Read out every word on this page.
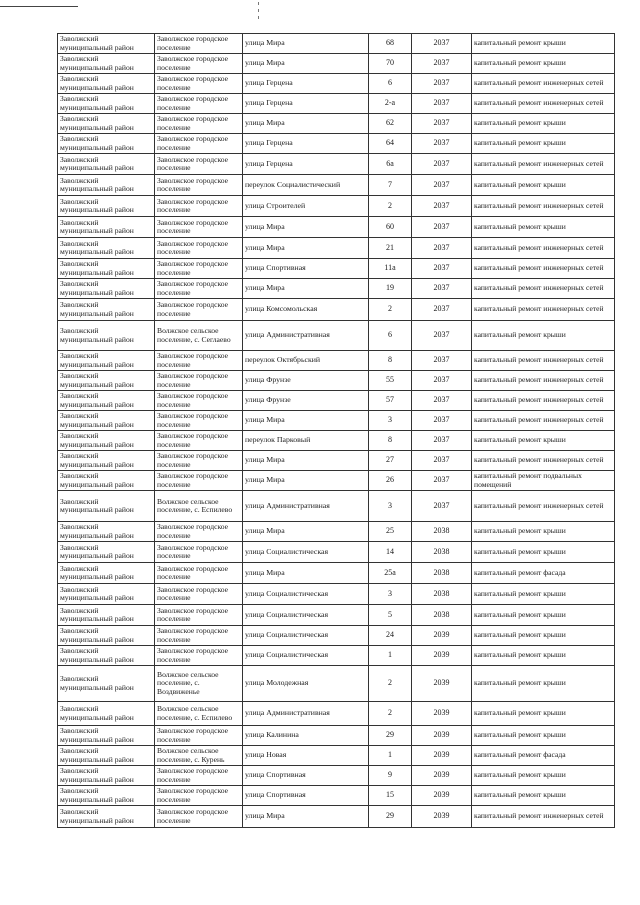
Заволжский муниципальный район	Заволжское городское поселение	улица Мира	68	2037	капитальный ремонт крыши
Заволжский муниципальный район	Заволжское городское поселение	улица Мира	70	2037	капитальный ремонт крыши
Заволжский муниципальный район	Заволжское городское поселение	улица Герцена	6	2037	капитальный ремонт инженерных сетей
Заволжский муниципальный район	Заволжское городское поселение	улица Герцена	2-а	2037	капитальный ремонт инженерных сетей
Заволжский муниципальный район	Заволжское городское поселение	улица Мира	62	2037	капитальный ремонт крыши
Заволжский муниципальный район	Заволжское городское поселение	улица Герцена	64	2037	капитальный ремонт крыши
Заволжский муниципальный район	Заволжское городское поселение	улица Герцена	6а	2037	капитальный ремонт инженерных сетей
Заволжский муниципальный район	Заволжское городское поселение	переулок Социалистический	7	2037	капитальный ремонт крыши
Заволжский муниципальный район	Заволжское городское поселение	улица Строителей	2	2037	капитальный ремонт инженерных сетей
Заволжский муниципальный район	Заволжское городское поселение	улица Мира	60	2037	капитальный ремонт крыши
Заволжский муниципальный район	Заволжское городское поселение	улица Мира	21	2037	капитальный ремонт инженерных сетей
Заволжский муниципальный район	Заволжское городское поселение	улица Спортивная	11а	2037	капитальный ремонт инженерных сетей
Заволжский муниципальный район	Заволжское городское поселение	улица Мира	19	2037	капитальный ремонт инженерных сетей
Заволжский муниципальный район	Заволжское городское поселение	улица Комсомольская	2	2037	капитальный ремонт инженерных сетей
Заволжский муниципальный район	Волжское сельское поселение, с. Сеглаево	улица Административная	6	2037	капитальный ремонт крыши
Заволжский муниципальный район	Заволжское городское поселение	переулок Октябрьский	8	2037	капитальный ремонт инженерных сетей
Заволжский муниципальный район	Заволжское городское поселение	улица Фрунзе	55	2037	капитальный ремонт инженерных сетей
Заволжский муниципальный район	Заволжское городское поселение	улица Фрунзе	57	2037	капитальный ремонт инженерных сетей
Заволжский муниципальный район	Заволжское городское поселение	улица Мира	3	2037	капитальный ремонт инженерных сетей
Заволжский муниципальный район	Заволжское городское поселение	переулок Парковый	8	2037	капитальный ремонт крыши
Заволжский муниципальный район	Заволжское городское поселение	улица Мира	27	2037	капитальный ремонт инженерных сетей
Заволжский муниципальный район	Заволжское городское поселение	улица Мира	26	2037	капитальный ремонт подвальных помещений
Заволжский муниципальный район	Волжское сельское поселение, с. Еспилево	улица Административная	3	2037	капитальный ремонт инженерных сетей
Заволжский муниципальный район	Заволжское городское поселение	улица Мира	25	2038	капитальный ремонт крыши
Заволжский муниципальный район	Заволжское городское поселение	улица Социалистическая	14	2038	капитальный ремонт крыши
Заволжский муниципальный район	Заволжское городское поселение	улица Мира	25а	2038	капитальный ремонт фасада
Заволжский муниципальный район	Заволжское городское поселение	улица Социалистическая	3	2038	капитальный ремонт крыши
Заволжский муниципальный район	Заволжское городское поселение	улица Социалистическая	5	2038	капитальный ремонт крыши
Заволжский муниципальный район	Заволжское городское поселение	улица Социалистическая	24	2039	капитальный ремонт крыши
Заволжский муниципальный район	Заволжское городское поселение	улица Социалистическая	1	2039	капитальный ремонт крыши
Заволжский муниципальный район	Волжское сельское поселение, с. Воздвиженье	улица Молодежная	2	2039	капитальный ремонт крыши
Заволжский муниципальный район	Волжское сельское поселение, с. Еспилево	улица Административная	2	2039	капитальный ремонт крыши
Заволжский муниципальный район	Заволжское городское поселение	улица Калинина	29	2039	капитальный ремонт крыши
Заволжский муниципальный район	Волжское сельское поселение, с. Курень	улица Новая	1	2039	капитальный ремонт фасада
Заволжский муниципальный район	Заволжское городское поселение	улица Спортивная	9	2039	капитальный ремонт крыши
Заволжский муниципальный район	Заволжское городское поселение	улица Спортивная	15	2039	капитальный ремонт крыши
Заволжский муниципальный район	Заволжское городское поселение	улица Мира	29	2039	капитальный ремонт инженерных сетей
